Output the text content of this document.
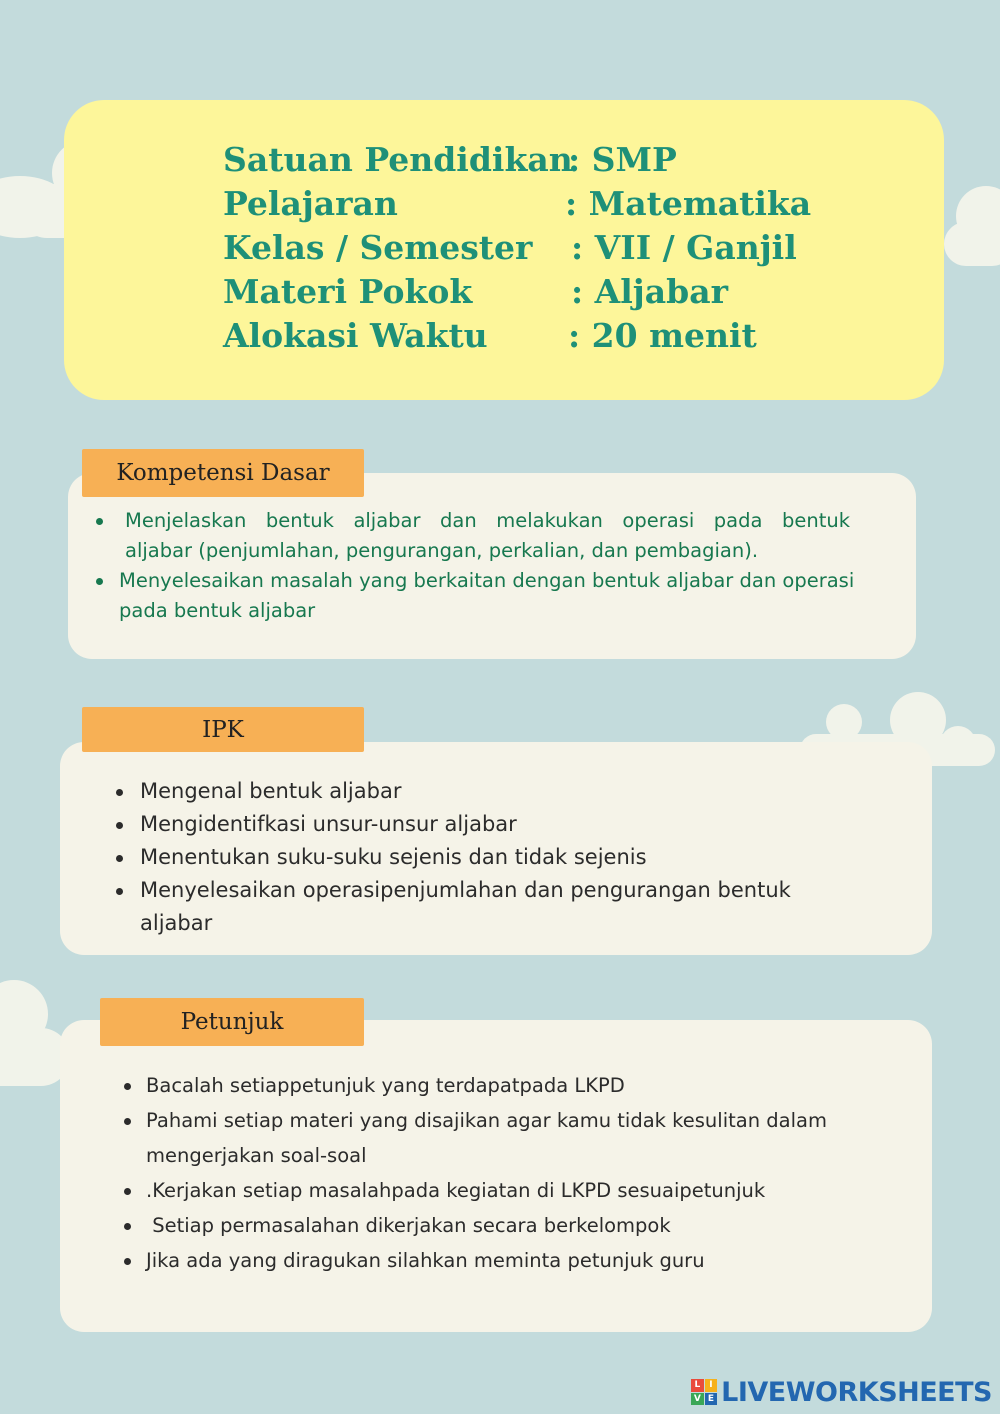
Satuan Pendidikan
: SMP
Pelajaran	: Matematika
Kelas / Semester : VII / Ganjil
Materi Pokok	: Aljabar
Alokasi Waktu : 20 menit
Kompetensi Dasar
Menjelaskan bentuk aljabar dan melakukan operasi pada bentuk
aljabar (penjumlahan, pengurangan, perkalian, dan pembagian).
Menyelesaikan masalah yang berkaitan dengan bentuk aljabar dan operasi pada bentuk aljabar
IPK
Mengenal bentuk aljabar
Mengidentifkasi unsur-unsur aljabar
Menentukan suku-suku sejenis dan tidak sejenis
Menyelesaikan operasipenjumlahan dan pengurangan bentuk aljabar
Petunjuk
Bacalah setiappetunjuk yang terdapatpada LKPD
Pahami setiap materi yang disajikan agar kamu tidak kesulitan dalam mengerjakan soal-soal
.Kerjakan setiap masalahpada kegiatan di LKPD sesuaipetunjuk
Setiap permasalahan dikerjakan secara berkelompok
Jika ada yang diragukan silahkan meminta petunjuk guru
L I
V E LIVEWORKSHEETS
